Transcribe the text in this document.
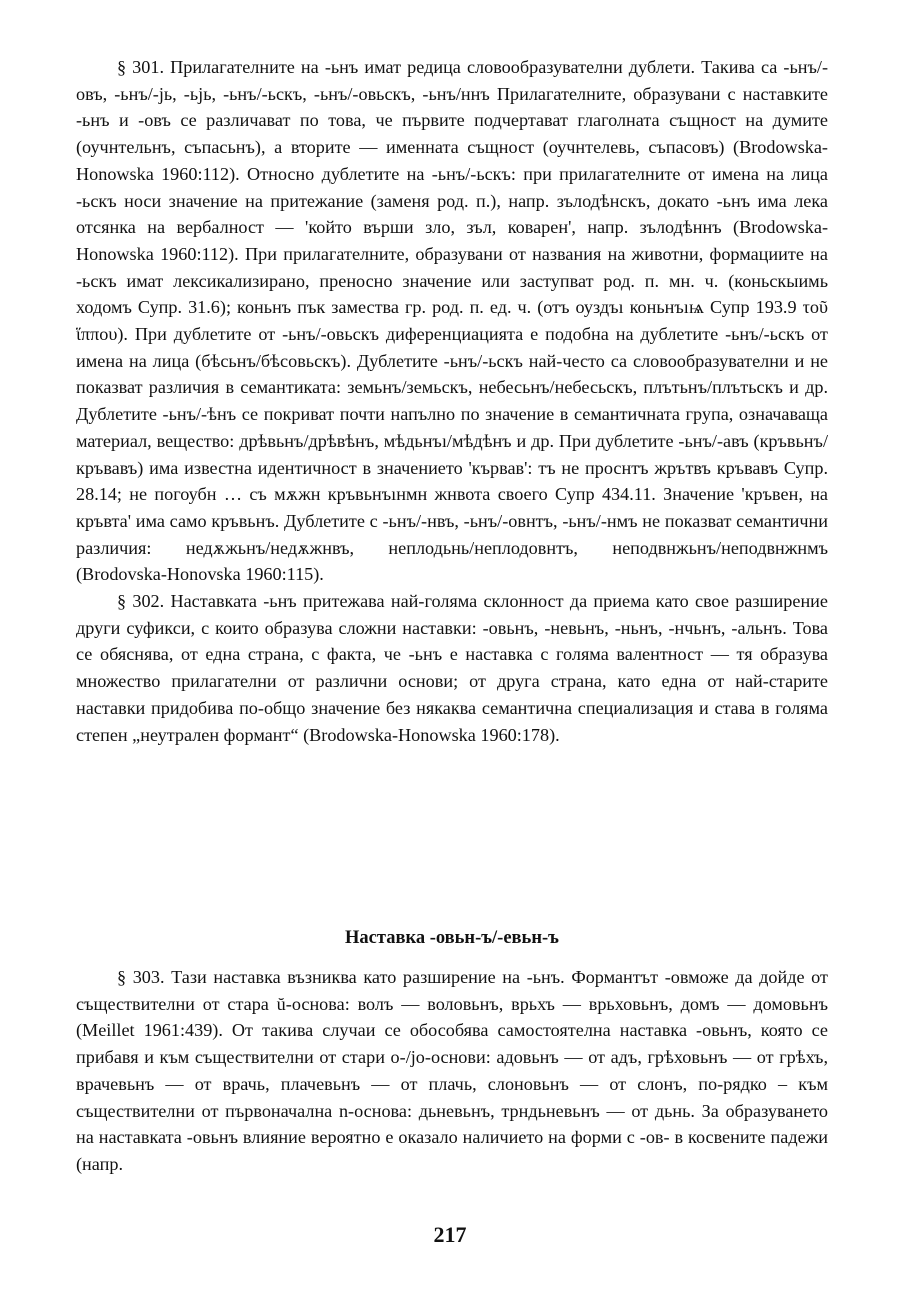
§ 301. Прилагателните на -ьнъ имат редица словообразувателни дублети. Такива са -ьнъ/-овъ, -ьнъ/-jь, -ьjь, -ьнъ/-ьскъ, -ьнъ/-овьскъ, -ьнъ/ннъ Прилагателните, образувани с наставките -ьнъ и -овъ се различават по това, че първите подчертават глаголната същност на думите (оучнтельнъ, съпасьнъ), а вторите — именната същност (оучнтелевь, съпасовъ) (Brodowska-Honowska 1960:112). Относно дублетите на -ьнъ/-ьскъ: при прилагателните от имена на лица -ьскъ носи значение на притежание (заменя род. п.), напр. зълодѣнскъ, докато -ьнъ има лека отсянка на вербалност — 'който върши зло, зъл, коварен', напр. зълодѣннъ (Brodowska-Honowska 1960:112). При прилагателните, образувани от названия на животни, формациите на -ьскъ имат лексикализирано, преносно значение или заступват род. п. мн. ч. (коньскыимь ходомъ Супр. 31.6); коньнъ пък замества гр. род. п. ед. ч. (отъ оуздъı коньнъıѩ Супр 193.9 τοῦ ἵππου). При дублетите от -ьнъ/-овьскъ диференциацията е подобна на дублетите -ьнъ/-ьскъ от имена на лица (бѣсьнъ/бѣсовьскъ). Дублетите -ьнъ/-ьскъ най-често са словообразувателни и не показват различия в семантиката: земьнъ/земьскъ, небесьнъ/небесьскъ, плътьнъ/плътьскъ и др. Дублетите -ьнъ/-ѣнъ се покриват почти напълно по значение в семантичната група, означаваща материал, вещество: дрѣвьнъ/дрѣвѣнъ, мѣдьнъı/мѣдѣнъ и др. При дублетите -ьнъ/-авъ (кръвьнъ/кръвавъ) има известна идентичност в значението 'кървав': тъ не проснтъ жрътвъ кръвавъ Супр. 28.14; не погоубн … съ мѫжн кръвьнъıнмн жнвота своего Супр 434.11. Значение 'кръвен, на кръвта' има само кръвьнъ. Дублетите с -ьнъ/-нвъ, -ьнъ/-овнтъ, -ьнъ/-нмъ не показват семантични различия: недѫжьнъ/недѫжнвъ, неплодьнь/неплодовнтъ, неподвнжьнъ/неподвнжнмъ (Brodovska-Honovska 1960:115).

§ 302. Наставката -ьнъ притежава най-голяма склонност да приема като свое разширение други суфикси, с които образува сложни наставки: -овьнъ, -невьнъ, -ньнъ, -нчьнъ, -альнъ. Това се обяснява, от една страна, с факта, че -ьнъ е наставка с голяма валентност — тя образува множество прилагателни от различни основи; от друга страна, като една от най-старите наставки придобива по-общо значение без някаква семантична специализация и става в голяма степен „неутрален формант“ (Brodowska-Honowska 1960:178).

Наставка -овьн-ъ/-евьн-ъ

§ 303. Тази наставка възниква като разширение на -ьнъ. Формантът -овможе да дойде от съществителни от стара ŭ-основа: волъ — воловьнъ, врьхъ — врьховьнъ, домъ — домовьнъ (Meillet 1961:439). От такива случаи се обособява самостоятелна наставка -овьнъ, която се прибавя и към съществителни от стари o-/jo-основи: адовьнъ — от адъ, грѣховьнъ — от грѣхъ, врачевьнъ — от врачь, плачевьнъ — от плачь, слоновьнъ — от слонъ, по-рядко – към съществителни от първоначална n-основа: дьневьнъ, трндьневьнъ — от дьнь. За образуването на наставката -овьнъ влияние вероятно е оказало наличието на форми с -ов- в косвените падежи (напр.

217
